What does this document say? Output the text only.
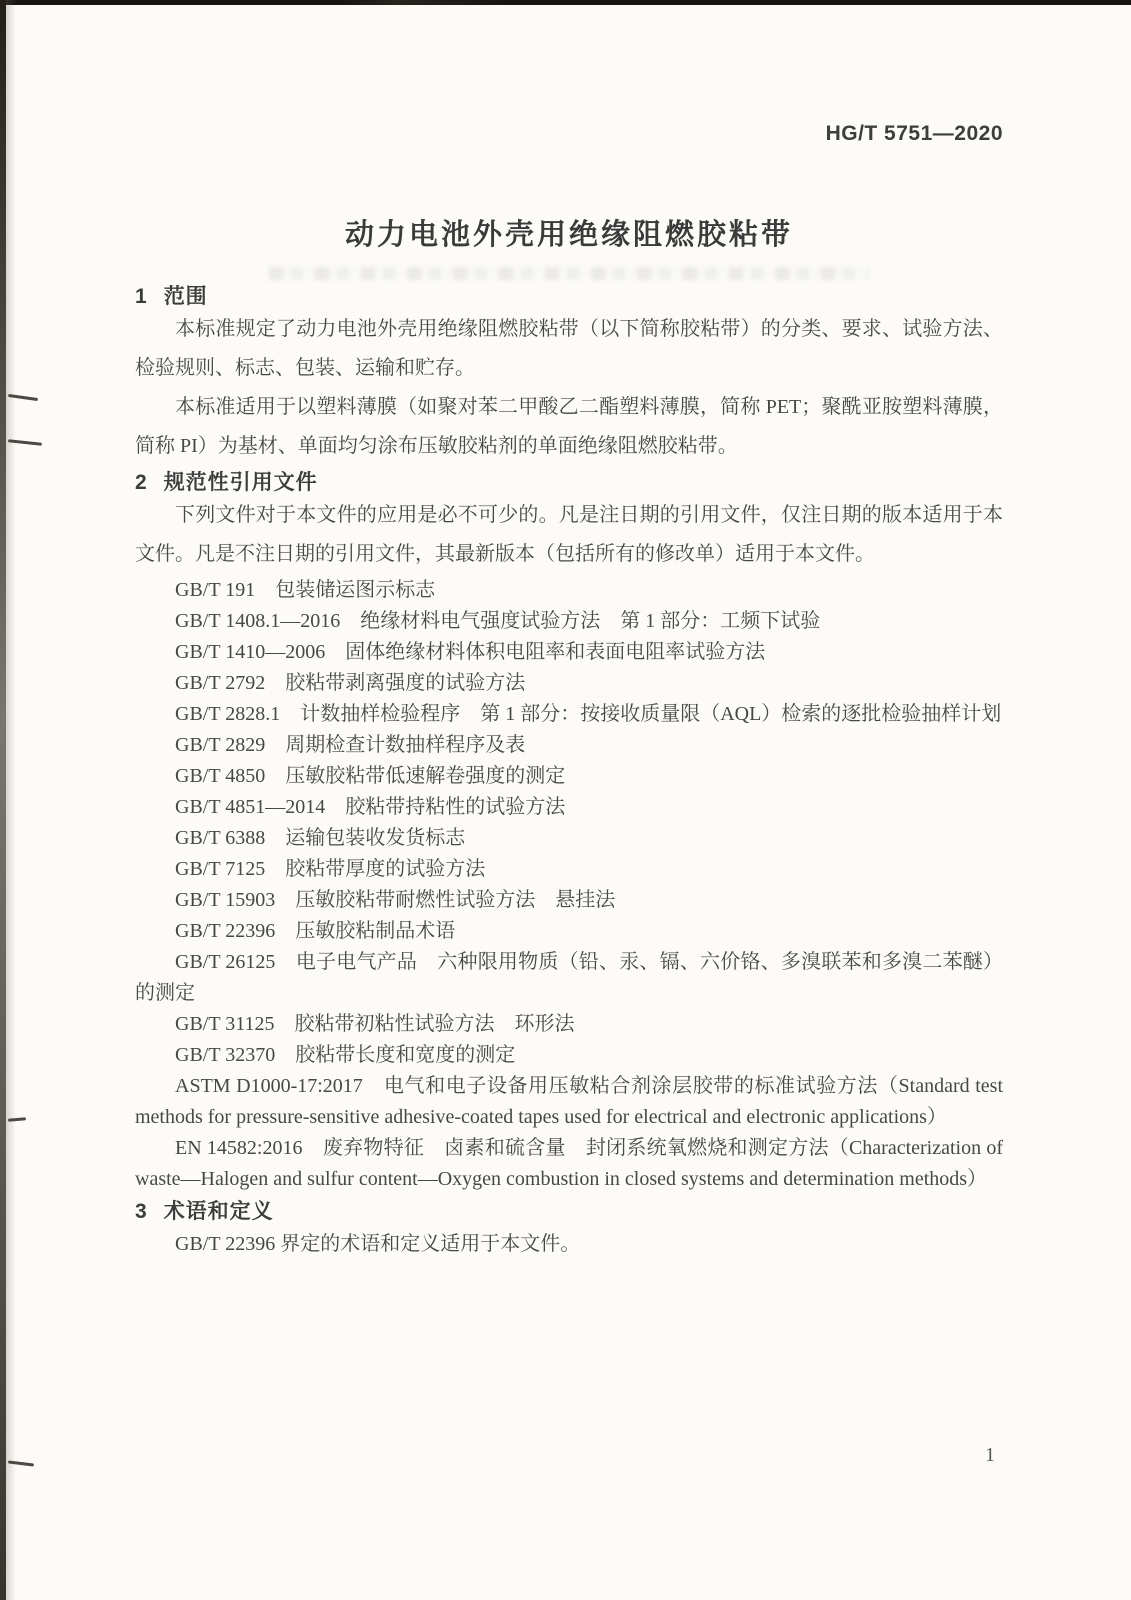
HG/T 5751—2020
动力电池外壳用绝缘阻燃胶粘带
1 范围

本标准规定了动力电池外壳用绝缘阻燃胶粘带（以下简称胶粘带）的分类、要求、试验方法、检验规则、标志、包装、运输和贮存。

本标准适用于以塑料薄膜（如聚对苯二甲酸乙二酯塑料薄膜，简称 PET；聚酰亚胺塑料薄膜，简称 PI）为基材、单面均匀涂布压敏胶粘剂的单面绝缘阻燃胶粘带。

2 规范性引用文件

下列文件对于本文件的应用是必不可少的。凡是注日期的引用文件，仅注日期的版本适用于本文件。凡是不注日期的引用文件，其最新版本（包括所有的修改单）适用于本文件。

GB/T 191　包装储运图示标志

GB/T 1408.1—2016　绝缘材料电气强度试验方法　第 1 部分：工频下试验

GB/T 1410—2006　固体绝缘材料体积电阻率和表面电阻率试验方法

GB/T 2792　胶粘带剥离强度的试验方法

GB/T 2828.1　计数抽样检验程序　第 1 部分：按接收质量限（AQL）检索的逐批检验抽样计划

GB/T 2829　周期检查计数抽样程序及表

GB/T 4850　压敏胶粘带低速解卷强度的测定

GB/T 4851—2014　胶粘带持粘性的试验方法

GB/T 6388　运输包装收发货标志

GB/T 7125　胶粘带厚度的试验方法

GB/T 15903　压敏胶粘带耐燃性试验方法　悬挂法

GB/T 22396　压敏胶粘制品术语

GB/T 26125　电子电气产品　六种限用物质（铅、汞、镉、六价铬、多溴联苯和多溴二苯醚）的测定

GB/T 31125　胶粘带初粘性试验方法　环形法

GB/T 32370　胶粘带长度和宽度的测定

ASTM D1000-17:2017　电气和电子设备用压敏粘合剂涂层胶带的标准试验方法（Standard test methods for pressure-sensitive adhesive-coated tapes used for electrical and electronic applications）

EN 14582:2016　废弃物特征　卤素和硫含量　封闭系统氧燃烧和测定方法（Characterization of waste—Halogen and sulfur content—Oxygen combustion in closed systems and determination methods）

3 术语和定义

GB/T 22396 界定的术语和定义适用于本文件。

1
